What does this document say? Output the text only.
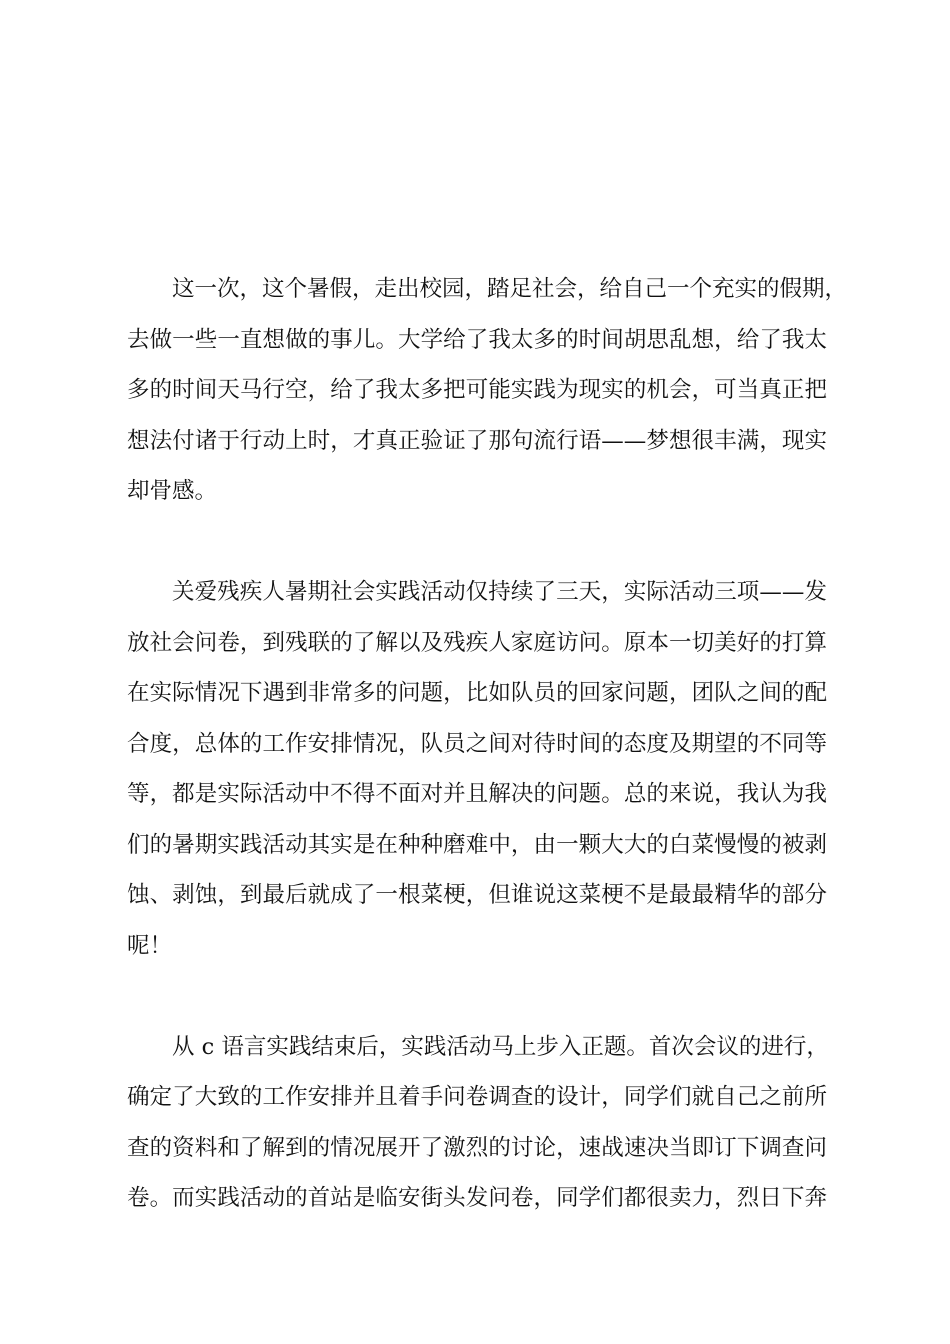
这一次，这个暑假，走出校园，踏足社会，给自己一个充实的假期，
去做一些一直想做的事儿。大学给了我太多的时间胡思乱想，给了我太
多的时间天马行空，给了我太多把可能实践为现实的机会，可当真正把
想法付诸于行动上时，才真正验证了那句流行语——梦想很丰满，现实
却骨感。
关爱残疾人暑期社会实践活动仅持续了三天，实际活动三项——发
放社会问卷，到残联的了解以及残疾人家庭访问。原本一切美好的打算
在实际情况下遇到非常多的问题，比如队员的回家问题，团队之间的配
合度，总体的工作安排情况，队员之间对待时间的态度及期望的不同等
等，都是实际活动中不得不面对并且解决的问题。总的来说，我认为我
们的暑期实践活动其实是在种种磨难中，由一颗大大的白菜慢慢的被剥
蚀、剥蚀，到最后就成了一根菜梗，但谁说这菜梗不是最最精华的部分
呢！
从 c 语言实践结束后，实践活动马上步入正题。首次会议的进行，
确定了大致的工作安排并且着手问卷调查的设计，同学们就自己之前所
查的资料和了解到的情况展开了激烈的讨论，速战速决当即订下调查问
卷。而实践活动的首站是临安街头发问卷，同学们都很卖力，烈日下奔
